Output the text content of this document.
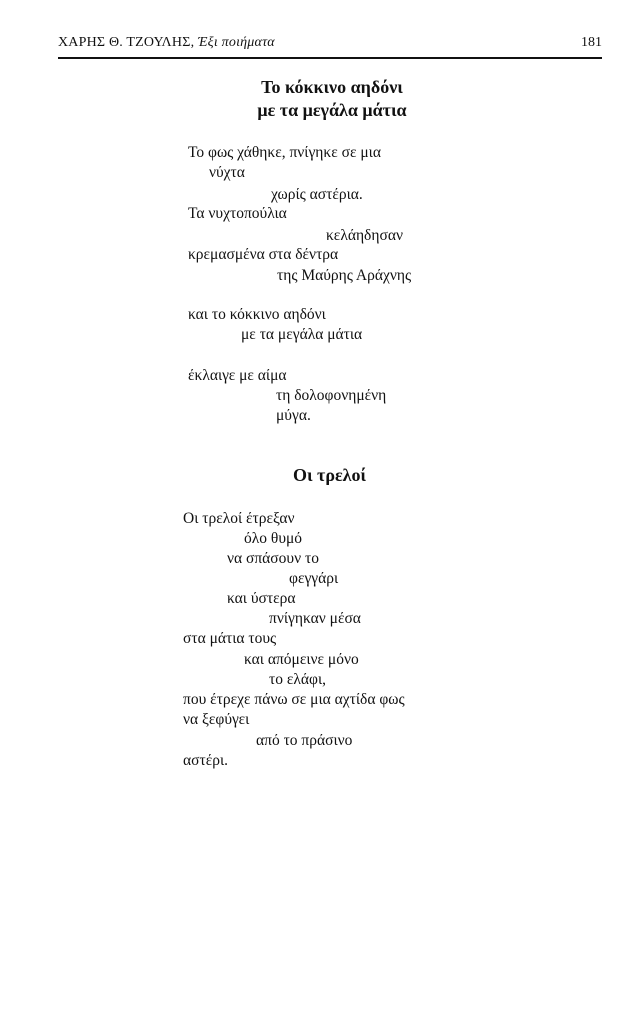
ΧΑΡΗΣ Θ. ΤΖΟΥΛΗΣ, Έξι ποιήματα	181
Το κόκκινο αηδόνι
με τα μεγάλα μάτια
Το φως χάθηκε, πνίγηκε σε μια
νύχτα
χωρίς αστέρια.
Τα νυχτοπούλια
κελάηδησαν
κρεμασμένα στα δέντρα
της Μαύρης Αράχνης
και το κόκκινο αηδόνι
με τα μεγάλα μάτια
έκλαιγε με αίμα
τη δολοφονημένη
μύγα.
Οι τρελοί
Οι τρελοί έτρεξαν
όλο θυμό
να σπάσουν το
φεγγάρι
και ύστερα
πνίγηκαν μέσα
στα μάτια τους
και απόμεινε μόνο
το ελάφι,
που έτρεχε πάνω σε μια αχτίδα φως
να ξεφύγει
από το πράσινο
αστέρι.
